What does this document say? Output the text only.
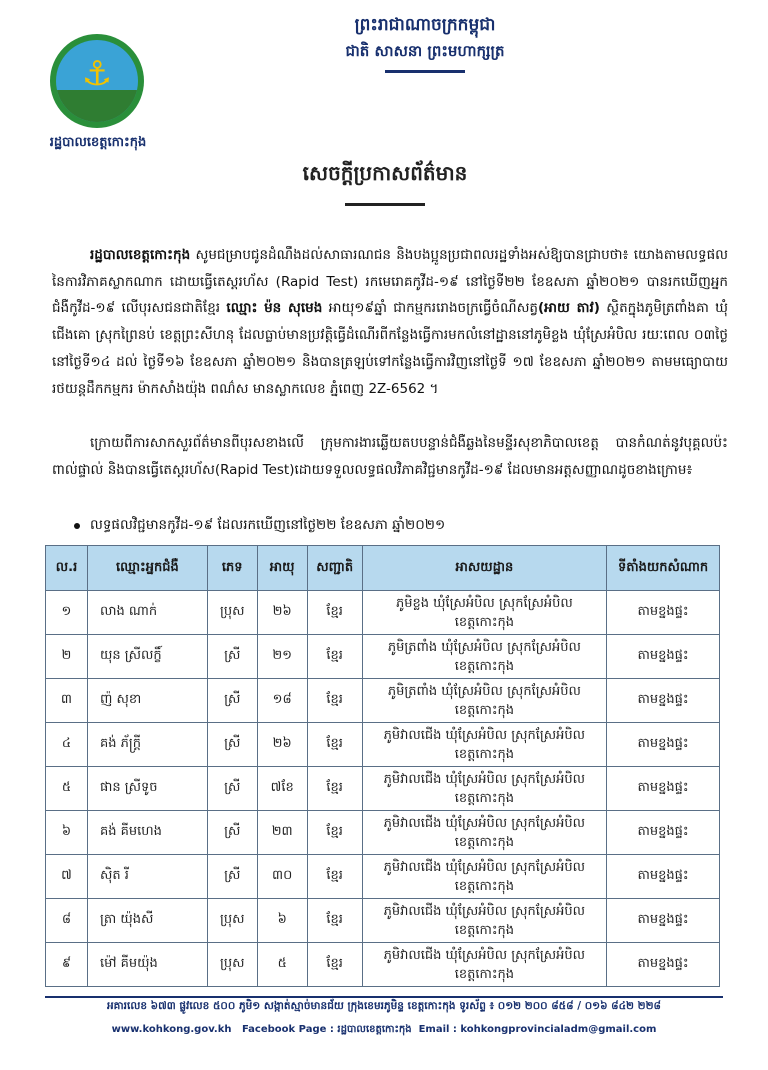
ព្រះរាជាណាចក្រកម្ពុជា
ជាតិ សាសនា ព្រះមហាក្សត្រ
⚓
រដ្ឋបាលខេត្តកោះកុង
សេចក្តីប្រកាសព័ត៌មាន
រដ្ឋបាលខេត្តកោះកុង សូមជម្រាបជូនដំណឹងដល់សាធារណជន និងបងប្អូនប្រជាពលរដ្ឋទាំងអស់ឱ្យបានជ្រាបថា៖ យោងតាមលទ្ធផលនៃការវិភាគស្លាកណាក ដោយធ្វើតេស្តរហ័ស (Rapid Test) រកមេរោគកូវីដ-១៩ នៅថ្ងៃទី២២ ខែឧសភា ឆ្នាំ២០២១ បានរកឃើញអ្នកជំងឺកូវីដ-១៩ លើបុរសជនជាតិខ្មែរ ឈ្មោះ ម៉ន សុមេង អាយុ១៩ឆ្នាំ ជាកម្មកររោងចក្រធ្វើចំណីសត្វ(អាយ តាវ) ស្ថិតក្នុងភូមិត្រពាំងគា ឃុំជើងគោ ស្រុកព្រៃនប់ ខេត្តព្រះសីហនុ ដែលធ្លាប់មានប្រវត្តិធ្វើដំណើរពីកន្លែងធ្វើការមកលំនៅដ្ឋាននៅភូមិខ្លង ឃុំស្រែអំបិល រយៈពេល ០៣ថ្ងៃ នៅថ្ងៃទី១៤ ដល់ ថ្ងៃទី១៦ ខែឧសភា ឆ្នាំ២០២១ និងបានត្រឡប់ទៅកន្លែងធ្វើការវិញនៅថ្ងៃទី ១៧ ខែឧសភា ឆ្នាំ២០២១ តាមមធ្យោបាយរថយន្តដឹកកម្មករ ម៉ាកសាំងយ៉ុង ពណ៌ស មានស្លាកលេខ ភ្នំពេញ 2Z-6562 ។
ក្រោយពីការសាកសួរព័ត៌មានពីបុរសខាងលើ ក្រុមការងារឆ្លើយតបបន្ទាន់ជំងឺឆ្លងនៃមន្ទីរសុខាភិបាលខេត្ត បានកំណត់នូវបុគ្គលប៉ះពាល់ផ្ទាល់ និងបានធ្វើតេស្តរហ័ស(Rapid Test)ដោយទទួលលទ្ធផលវិភាគវិជ្ជមានកូវីដ-១៩ ដែលមានអត្តសញ្ញាណដូចខាងក្រោម៖
លទ្ធផលវិជ្ជមានកូវីដ-១៩ ដែលរកឃើញនៅថ្ងៃ២២ ខែឧសភា ឆ្នាំ២០២១
ល.រ	ឈ្មោះអ្នកជំងឺ	ភេទ	អាយុ	សញ្ជាតិ	អាសយដ្ឋាន	ទីតាំងយកសំណាក
១	លាង ណាក់	ប្រុស	២៦	ខ្មែរ	ភូមិខ្លង ឃុំស្រែអំបិល ស្រុកស្រែអំបិល
ខេត្តកោះកុង	តាមខ្នងផ្ទះ
២	យុន ស្រីលក្ខិ៍	ស្រី	២១	ខ្មែរ	ភូមិត្រពាំង ឃុំស្រែអំបិល ស្រុកស្រែអំបិល
ខេត្តកោះកុង	តាមខ្នងផ្ទះ
៣	ញ៉ សុខា	ស្រី	១៨	ខ្មែរ	ភូមិត្រពាំង ឃុំស្រែអំបិល ស្រុកស្រែអំបិល
ខេត្តកោះកុង	តាមខ្នងផ្ទះ
៤	គង់ ភ័ក្រ្តី	ស្រី	២៦	ខ្មែរ	ភូមិវាលជើង ឃុំស្រែអំបិល ស្រុកស្រែអំបិល
ខេត្តកោះកុង	តាមខ្នងផ្ទះ
៥	ផាន ស្រីទូច	ស្រី	៧ខែ	ខ្មែរ	ភូមិវាលជើង ឃុំស្រែអំបិល ស្រុកស្រែអំបិល
ខេត្តកោះកុង	តាមខ្នងផ្ទះ
៦	គង់ គីមហេង	ស្រី	២៣	ខ្មែរ	ភូមិវាលជើង ឃុំស្រែអំបិល ស្រុកស្រែអំបិល
ខេត្តកោះកុង	តាមខ្នងផ្ទះ
៧	ស៊ិត រី	ស្រី	៣០	ខ្មែរ	ភូមិវាលជើង ឃុំស្រែអំបិល ស្រុកស្រែអំបិល
ខេត្តកោះកុង	តាមខ្នងផ្ទះ
៨	ត្រា យ៉ុងសី	ប្រុស	៦	ខ្មែរ	ភូមិវាលជើង ឃុំស្រែអំបិល ស្រុកស្រែអំបិល
ខេត្តកោះកុង	តាមខ្នងផ្ទះ
៩	ម៉ៅ គីមយ៉ុង	ប្រុស	៥	ខ្មែរ	ភូមិវាលជើង ឃុំស្រែអំបិល ស្រុកស្រែអំបិល
ខេត្តកោះកុង	តាមខ្នងផ្ទះ
អគារលេខ ៦៧៣ ផ្លូវលេខ ៥០០ ភូមិ១ សង្កាត់ស្មាច់មានជ័យ ក្រុងខេមរភូមិន្ទ ខេត្តកោះកុង ទូរស័ព្ទ ៖ ០១២ ២០០ ៨៥៨ / ០១៦ ៨៤២ ២២៨
www.kohkong.gov.kh Facebook Page : រដ្ឋបាលខេត្តកោះកុង Email : kohkongprovincialadm@gmail.com
